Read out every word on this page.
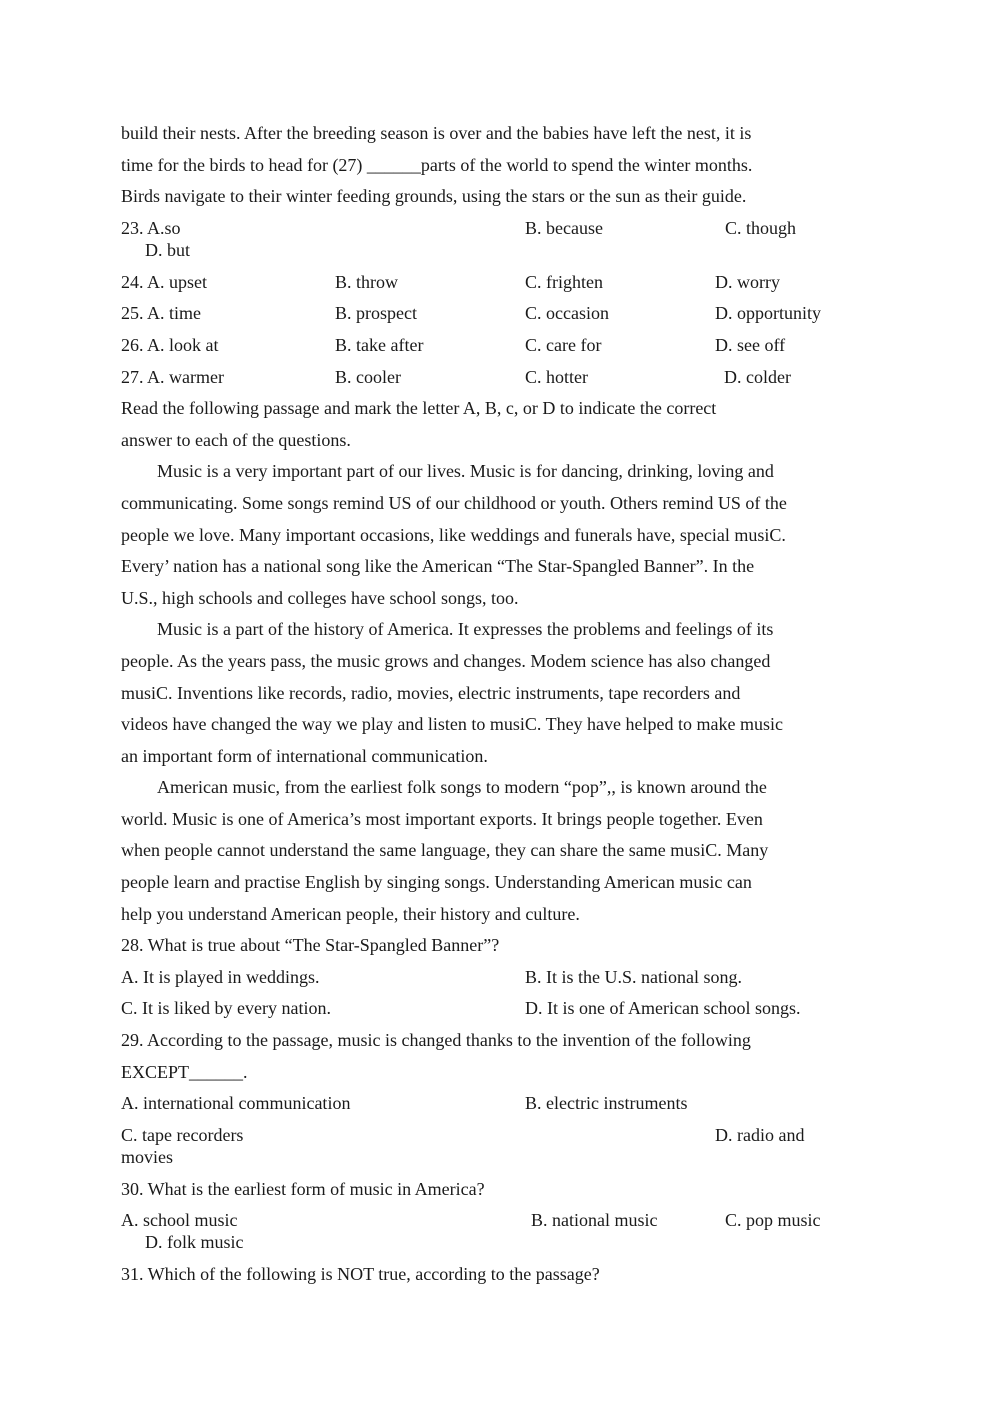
build their nests. After the breeding season is over and the babies have left the nest, it is
time for the birds to head for (27) ______parts of the world to spend the winter months.
Birds navigate to their winter feeding grounds, using the stars or the sun as their guide.
23. A.so	B. because	C. though
D. but
24. A. upset	B. throw	C. frighten	D. worry
25. A. time	B. prospect	C. occasion	D. opportunity
26. A. look at	B. take after	C. care for	D. see off
27. A. warmer	B. cooler	C. hotter	D. colder
Read the following passage and mark the letter A, B, c, or D to indicate the correct
answer to each of the questions.
Music is a very important part of our lives. Music is for dancing, drinking, loving and
communicating. Some songs remind US of our childhood or youth. Others remind US of the
people we love. Many important occasions, like weddings and funerals have, special musiC.
Every’ nation has a national song like the American “The Star-Spangled Banner”. In the
U.S., high schools and colleges have school songs, too.
Music is a part of the history of America. It expresses the problems and feelings of its
people. As the years pass, the music grows and changes. Modem science has also changed
musiC. Inventions like records, radio, movies, electric instruments, tape recorders and
videos have changed the way we play and listen to musiC. They have helped to make music
an important form of international communication.
American music, from the earliest folk songs to modern “pop”,, is known around the
world. Music is one of America’s most important exports. It brings people together. Even
when people cannot understand the same language, they can share the same musiC. Many
people learn and practise English by singing songs. Understanding American music can
help you understand American people, their history and culture.
28. What is true about “The Star-Spangled Banner”?
A. It is played in weddings.	B. It is the U.S. national song.
C. It is liked by every nation.	D. It is one of American school songs.
29. According to the passage, music is changed thanks to the invention of the following
EXCEPT______.
A. international communication	B. electric instruments
C. tape recorders	D. radio and
movies
30. What is the earliest form of music in America?
A. school music	B. national music	C. pop music
D. folk music
31. Which of the following is NOT true, according to the passage?
